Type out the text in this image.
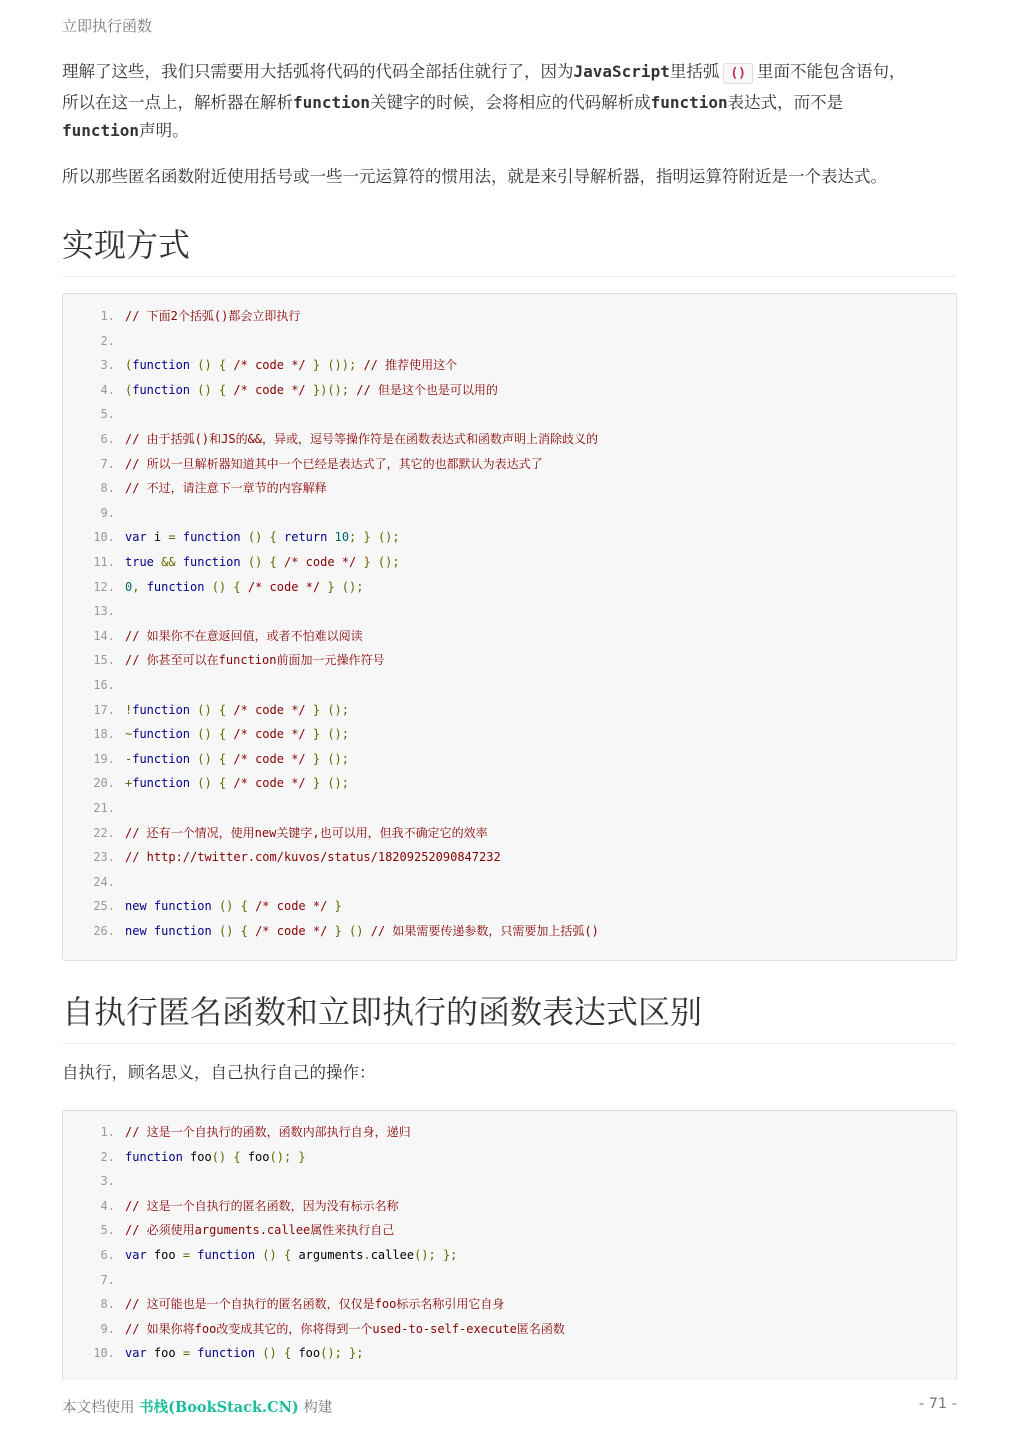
立即执行函数

理解了这些，我们只需要用大括弧将代码的代码全部括住就行了，因为JavaScript里括弧 () 里面不能包含语句，
所以在这一点上，解析器在解析function关键字的时候，会将相应的代码解析成function表达式，而不是
function声明。

所以那些匿名函数附近使用括号或一些一元运算符的惯用法，就是来引导解析器，指明运算符附近是一个表达式。

实现方式
1. // 下面2个括弧()都会立即执行
2.
3. (function () { /* code */ } ()); // 推荐使用这个
4. (function () { /* code */ })(); // 但是这个也是可以用的
5.
6. // 由于括弧()和JS的&&，异或，逗号等操作符是在函数表达式和函数声明上消除歧义的
7. // 所以一旦解析器知道其中一个已经是表达式了，其它的也都默认为表达式了
8. // 不过，请注意下一章节的内容解释
9.
10. var i = function () { return 10; } ();
11. true && function () { /* code */ } ();
12. 0, function () { /* code */ } ();
13.
14. // 如果你不在意返回值，或者不怕难以阅读
15. // 你甚至可以在function前面加一元操作符号
16.
17. !function () { /* code */ } ();
18. ~function () { /* code */ } ();
19. -function () { /* code */ } ();
20. +function () { /* code */ } ();
21.
22. // 还有一个情况，使用new关键字,也可以用，但我不确定它的效率
23. // http://twitter.com/kuvos/status/18209252090847232
24.
25. new function () { /* code */ }
26. new function () { /* code */ } () // 如果需要传递参数，只需要加上括弧()
自执行匿名函数和立即执行的函数表达式区别

自执行，顾名思义，自己执行自己的操作：

1. // 这是一个自执行的函数，函数内部执行自身，递归
2. function foo() { foo(); }
3.
4. // 这是一个自执行的匿名函数，因为没有标示名称
5. // 必须使用arguments.callee属性来执行自己
6. var foo = function () { arguments.callee(); };
7.
8. // 这可能也是一个自执行的匿名函数，仅仅是foo标示名称引用它自身
9. // 如果你将foo改变成其它的，你将得到一个used-to-self-execute匿名函数
10. var foo = function () { foo(); };
本文档使用 书栈(BookStack.CN) 构建	- 71 -
